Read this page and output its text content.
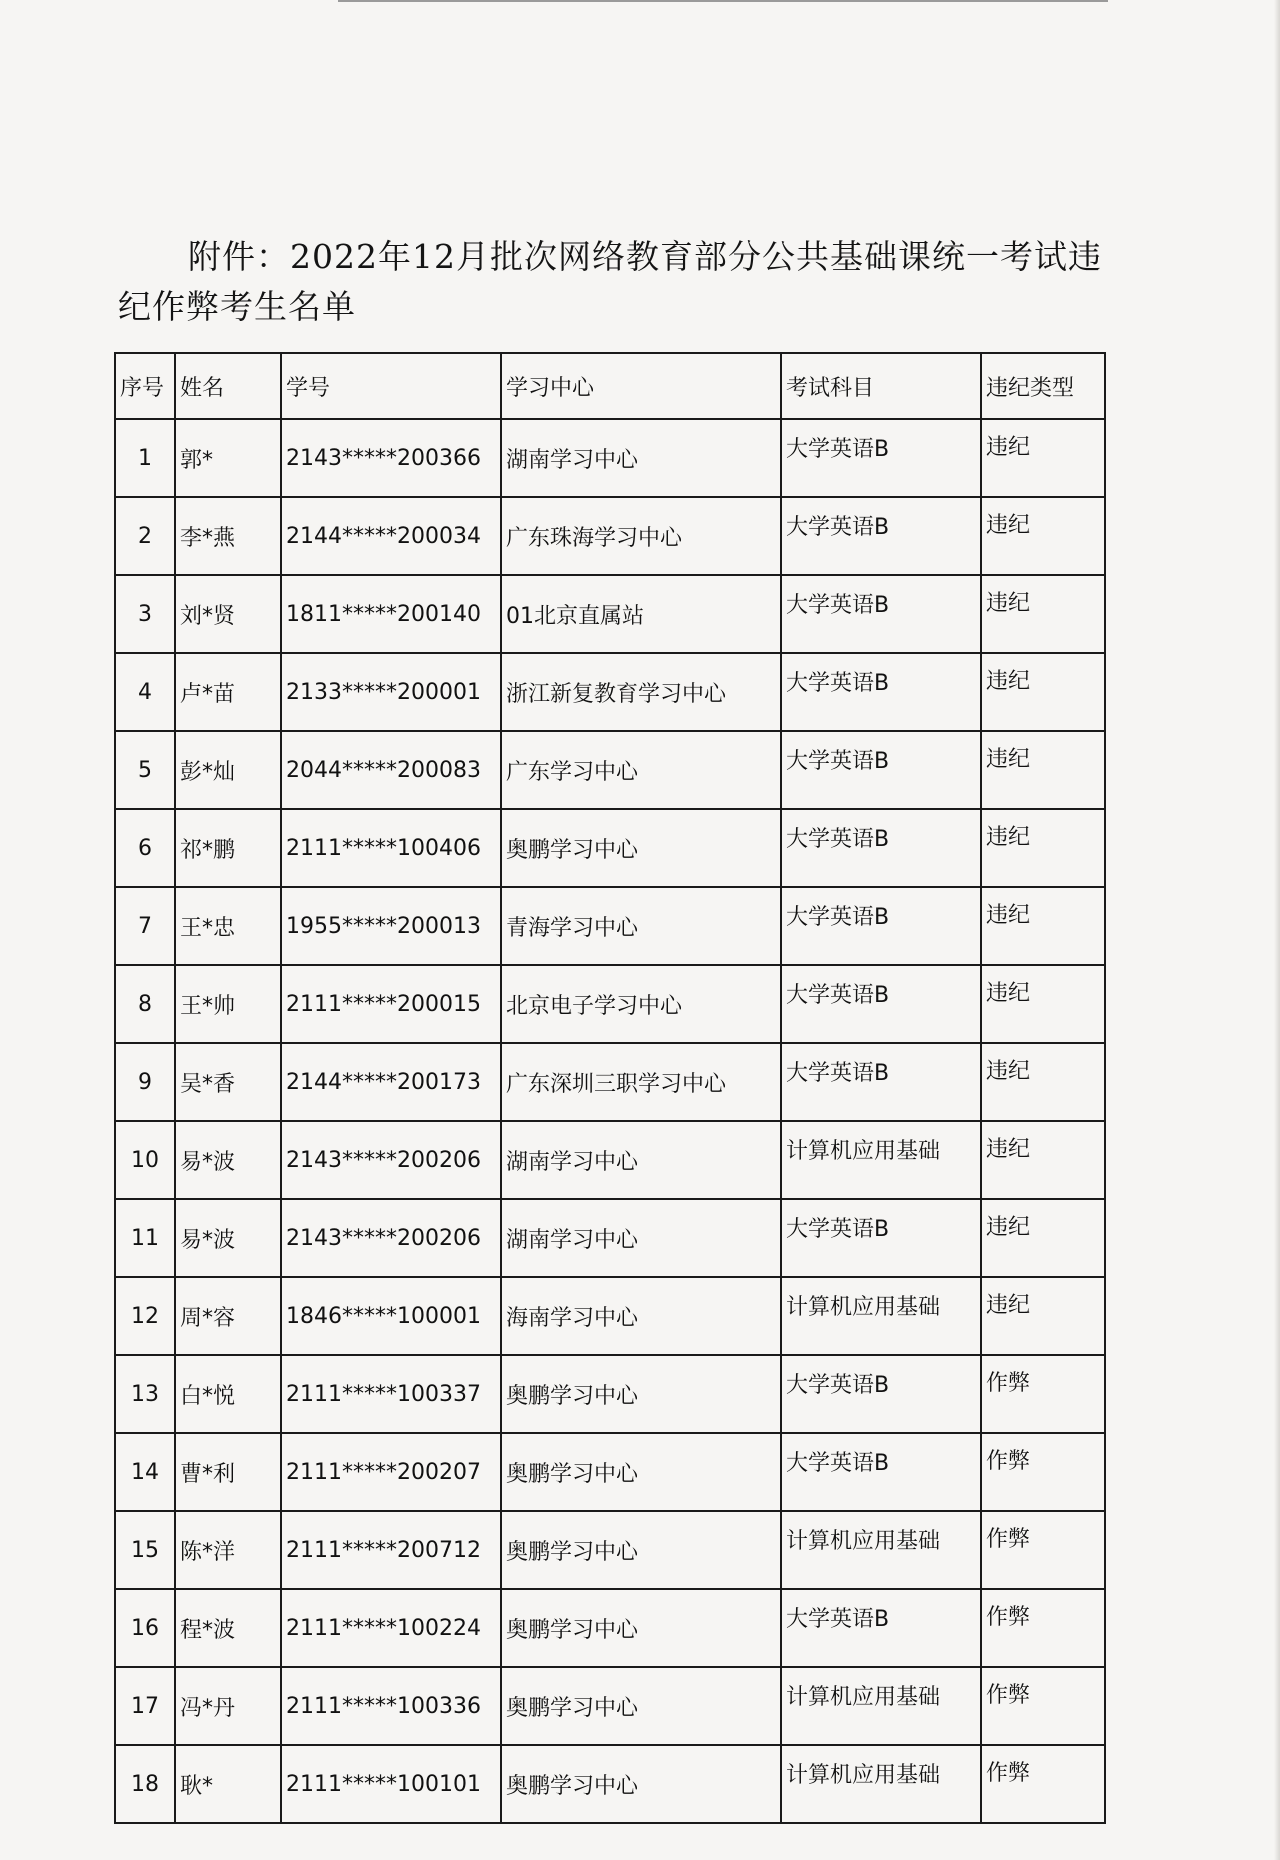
附件：2022年12月批次网络教育部分公共基础课统一考试违
纪作弊考生名单
序号	姓名	学号	学习中心	考试科目	违纪类型
1	郭*	2143*****200366	湖南学习中心	大学英语B	违纪
2	李*燕	2144*****200034	广东珠海学习中心	大学英语B	违纪
3	刘*贤	1811*****200140	01北京直属站	大学英语B	违纪
4	卢*苗	2133*****200001	浙江新复教育学习中心	大学英语B	违纪
5	彭*灿	2044*****200083	广东学习中心	大学英语B	违纪
6	祁*鹏	2111*****100406	奥鹏学习中心	大学英语B	违纪
7	王*忠	1955*****200013	青海学习中心	大学英语B	违纪
8	王*帅	2111*****200015	北京电子学习中心	大学英语B	违纪
9	吴*香	2144*****200173	广东深圳三职学习中心	大学英语B	违纪
10	易*波	2143*****200206	湖南学习中心	计算机应用基础	违纪
11	易*波	2143*****200206	湖南学习中心	大学英语B	违纪
12	周*容	1846*****100001	海南学习中心	计算机应用基础	违纪
13	白*悦	2111*****100337	奥鹏学习中心	大学英语B	作弊
14	曹*利	2111*****200207	奥鹏学习中心	大学英语B	作弊
15	陈*洋	2111*****200712	奥鹏学习中心	计算机应用基础	作弊
16	程*波	2111*****100224	奥鹏学习中心	大学英语B	作弊
17	冯*丹	2111*****100336	奥鹏学习中心	计算机应用基础	作弊
18	耿*	2111*****100101	奥鹏学习中心	计算机应用基础	作弊
